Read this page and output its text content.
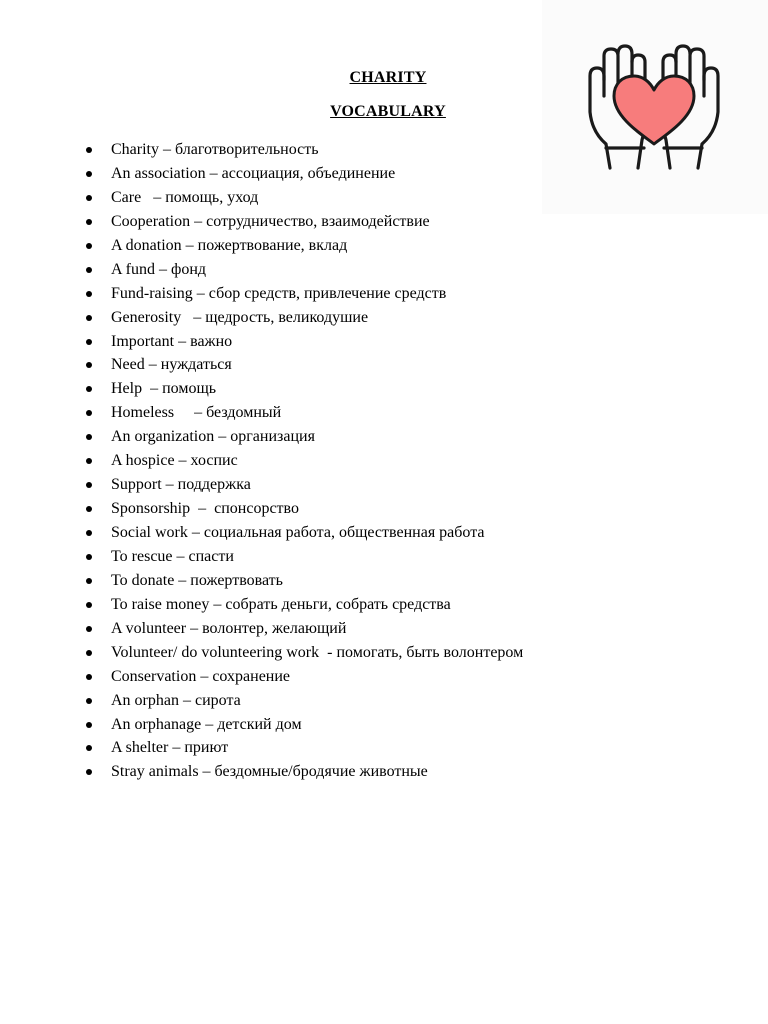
CHARITY
VOCABULARY
Charity – благотворительность
An association – ассоциация, объединение
Care   – помощь, уход
Cooperation – сотрудничество, взаимодействие
A donation – пожертвование, вклад
A fund – фонд
Fund-raising – сбор средств, привлечение средств
Generosity   – щедрость, великодушие
Important – важно
Need – нуждаться
Help  – помощь
Homeless     – бездомный
An organization – организация
A hospice – хоспис
Support – поддержка
Sponsorship  –  спонсорство
Social work – социальная работа, общественная работа
To rescue – спасти
To donate – пожертвовать
To raise money – собрать деньги, собрать средства
A volunteer – волонтер, желающий
Volunteer/ do volunteering work  - помогать, быть волонтером
Conservation – сохранение
An orphan – сирота
An orphanage – детский дом
A shelter – приют
Stray animals – бездомные/бродячие животные
